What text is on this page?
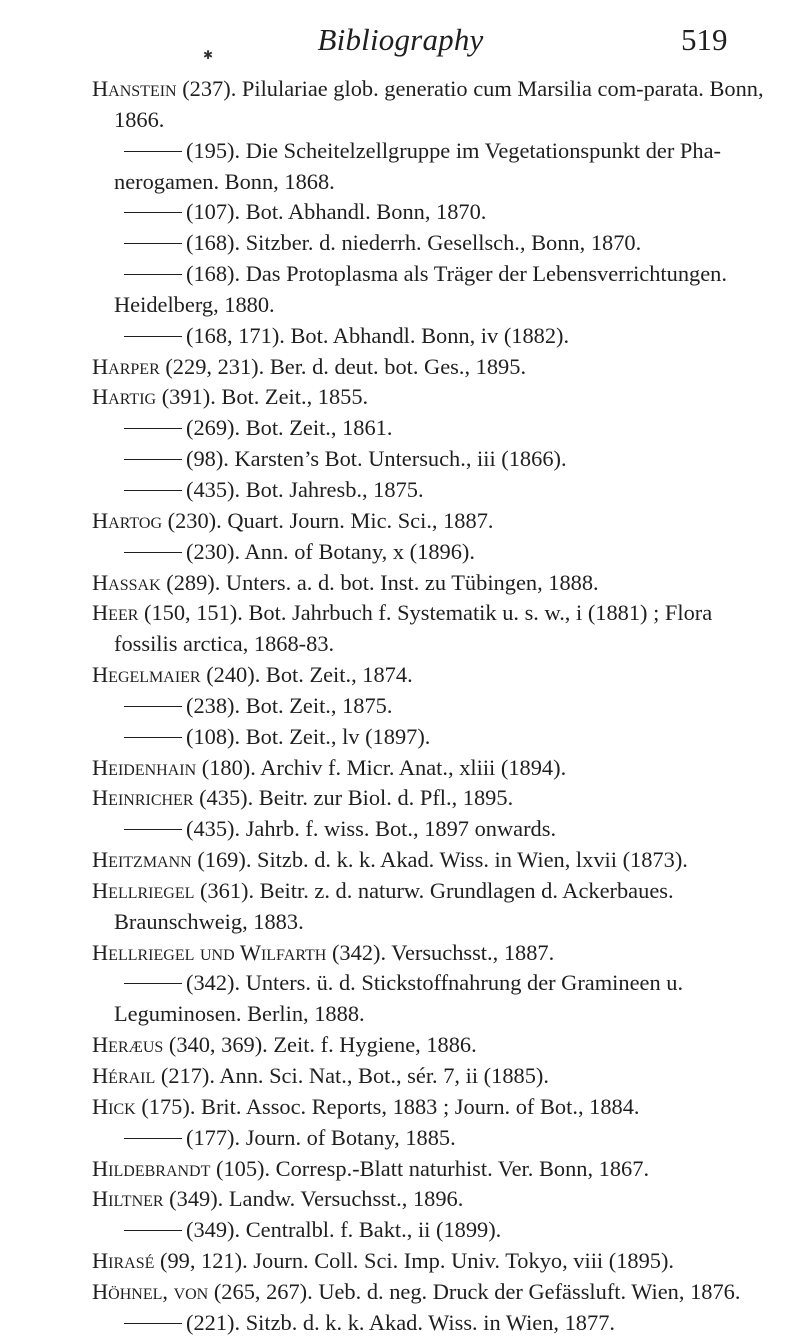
✱	Bibliography	519
Hanstein (237). Pilulariae glob. generatio cum Marsilia com-parata. Bonn, 1866.
(195). Die Scheitelzellgruppe im Vegetationspunkt der Pha-nerogamen. Bonn, 1868.
(107). Bot. Abhandl. Bonn, 1870.
(168). Sitzber. d. niederrh. Gesellsch., Bonn, 1870.
(168). Das Protoplasma als Träger der Lebensverrichtungen. Heidelberg, 1880.
(168, 171). Bot. Abhandl. Bonn, iv (1882).
Harper (229, 231). Ber. d. deut. bot. Ges., 1895.
Hartig (391). Bot. Zeit., 1855.
(269). Bot. Zeit., 1861.
(98). Karsten’s Bot. Untersuch., iii (1866).
(435). Bot. Jahresb., 1875.
Hartog (230). Quart. Journ. Mic. Sci., 1887.
(230). Ann. of Botany, x (1896).
Hassak (289). Unters. a. d. bot. Inst. zu Tübingen, 1888.
Heer (150, 151). Bot. Jahrbuch f. Systematik u. s. w., i (1881) ; Flora fossilis arctica, 1868-83.
Hegelmaier (240). Bot. Zeit., 1874.
(238). Bot. Zeit., 1875.
(108). Bot. Zeit., lv (1897).
Heidenhain (180). Archiv f. Micr. Anat., xliii (1894).
Heinricher (435). Beitr. zur Biol. d. Pfl., 1895.
(435). Jahrb. f. wiss. Bot., 1897 onwards.
Heitzmann (169). Sitzb. d. k. k. Akad. Wiss. in Wien, lxvii (1873).
Hellriegel (361). Beitr. z. d. naturw. Grundlagen d. Ackerbaues. Braunschweig, 1883.
Hellriegel und Wilfarth (342). Versuchsst., 1887.
(342). Unters. ü. d. Stickstoffnahrung der Gramineen u. Leguminosen. Berlin, 1888.
Heræus (340, 369). Zeit. f. Hygiene, 1886.
Hérail (217). Ann. Sci. Nat., Bot., sér. 7, ii (1885).
Hick (175). Brit. Assoc. Reports, 1883 ; Journ. of Bot., 1884.
(177). Journ. of Botany, 1885.
Hildebrandt (105). Corresp.-Blatt naturhist. Ver. Bonn, 1867.
Hiltner (349). Landw. Versuchsst., 1896.
(349). Centralbl. f. Bakt., ii (1899).
Hirasé (99, 121). Journ. Coll. Sci. Imp. Univ. Tokyo, viii (1895).
Höhnel, von (265, 267). Ueb. d. neg. Druck der Gefässluft. Wien, 1876.
(221). Sitzb. d. k. k. Akad. Wiss. in Wien, 1877.
